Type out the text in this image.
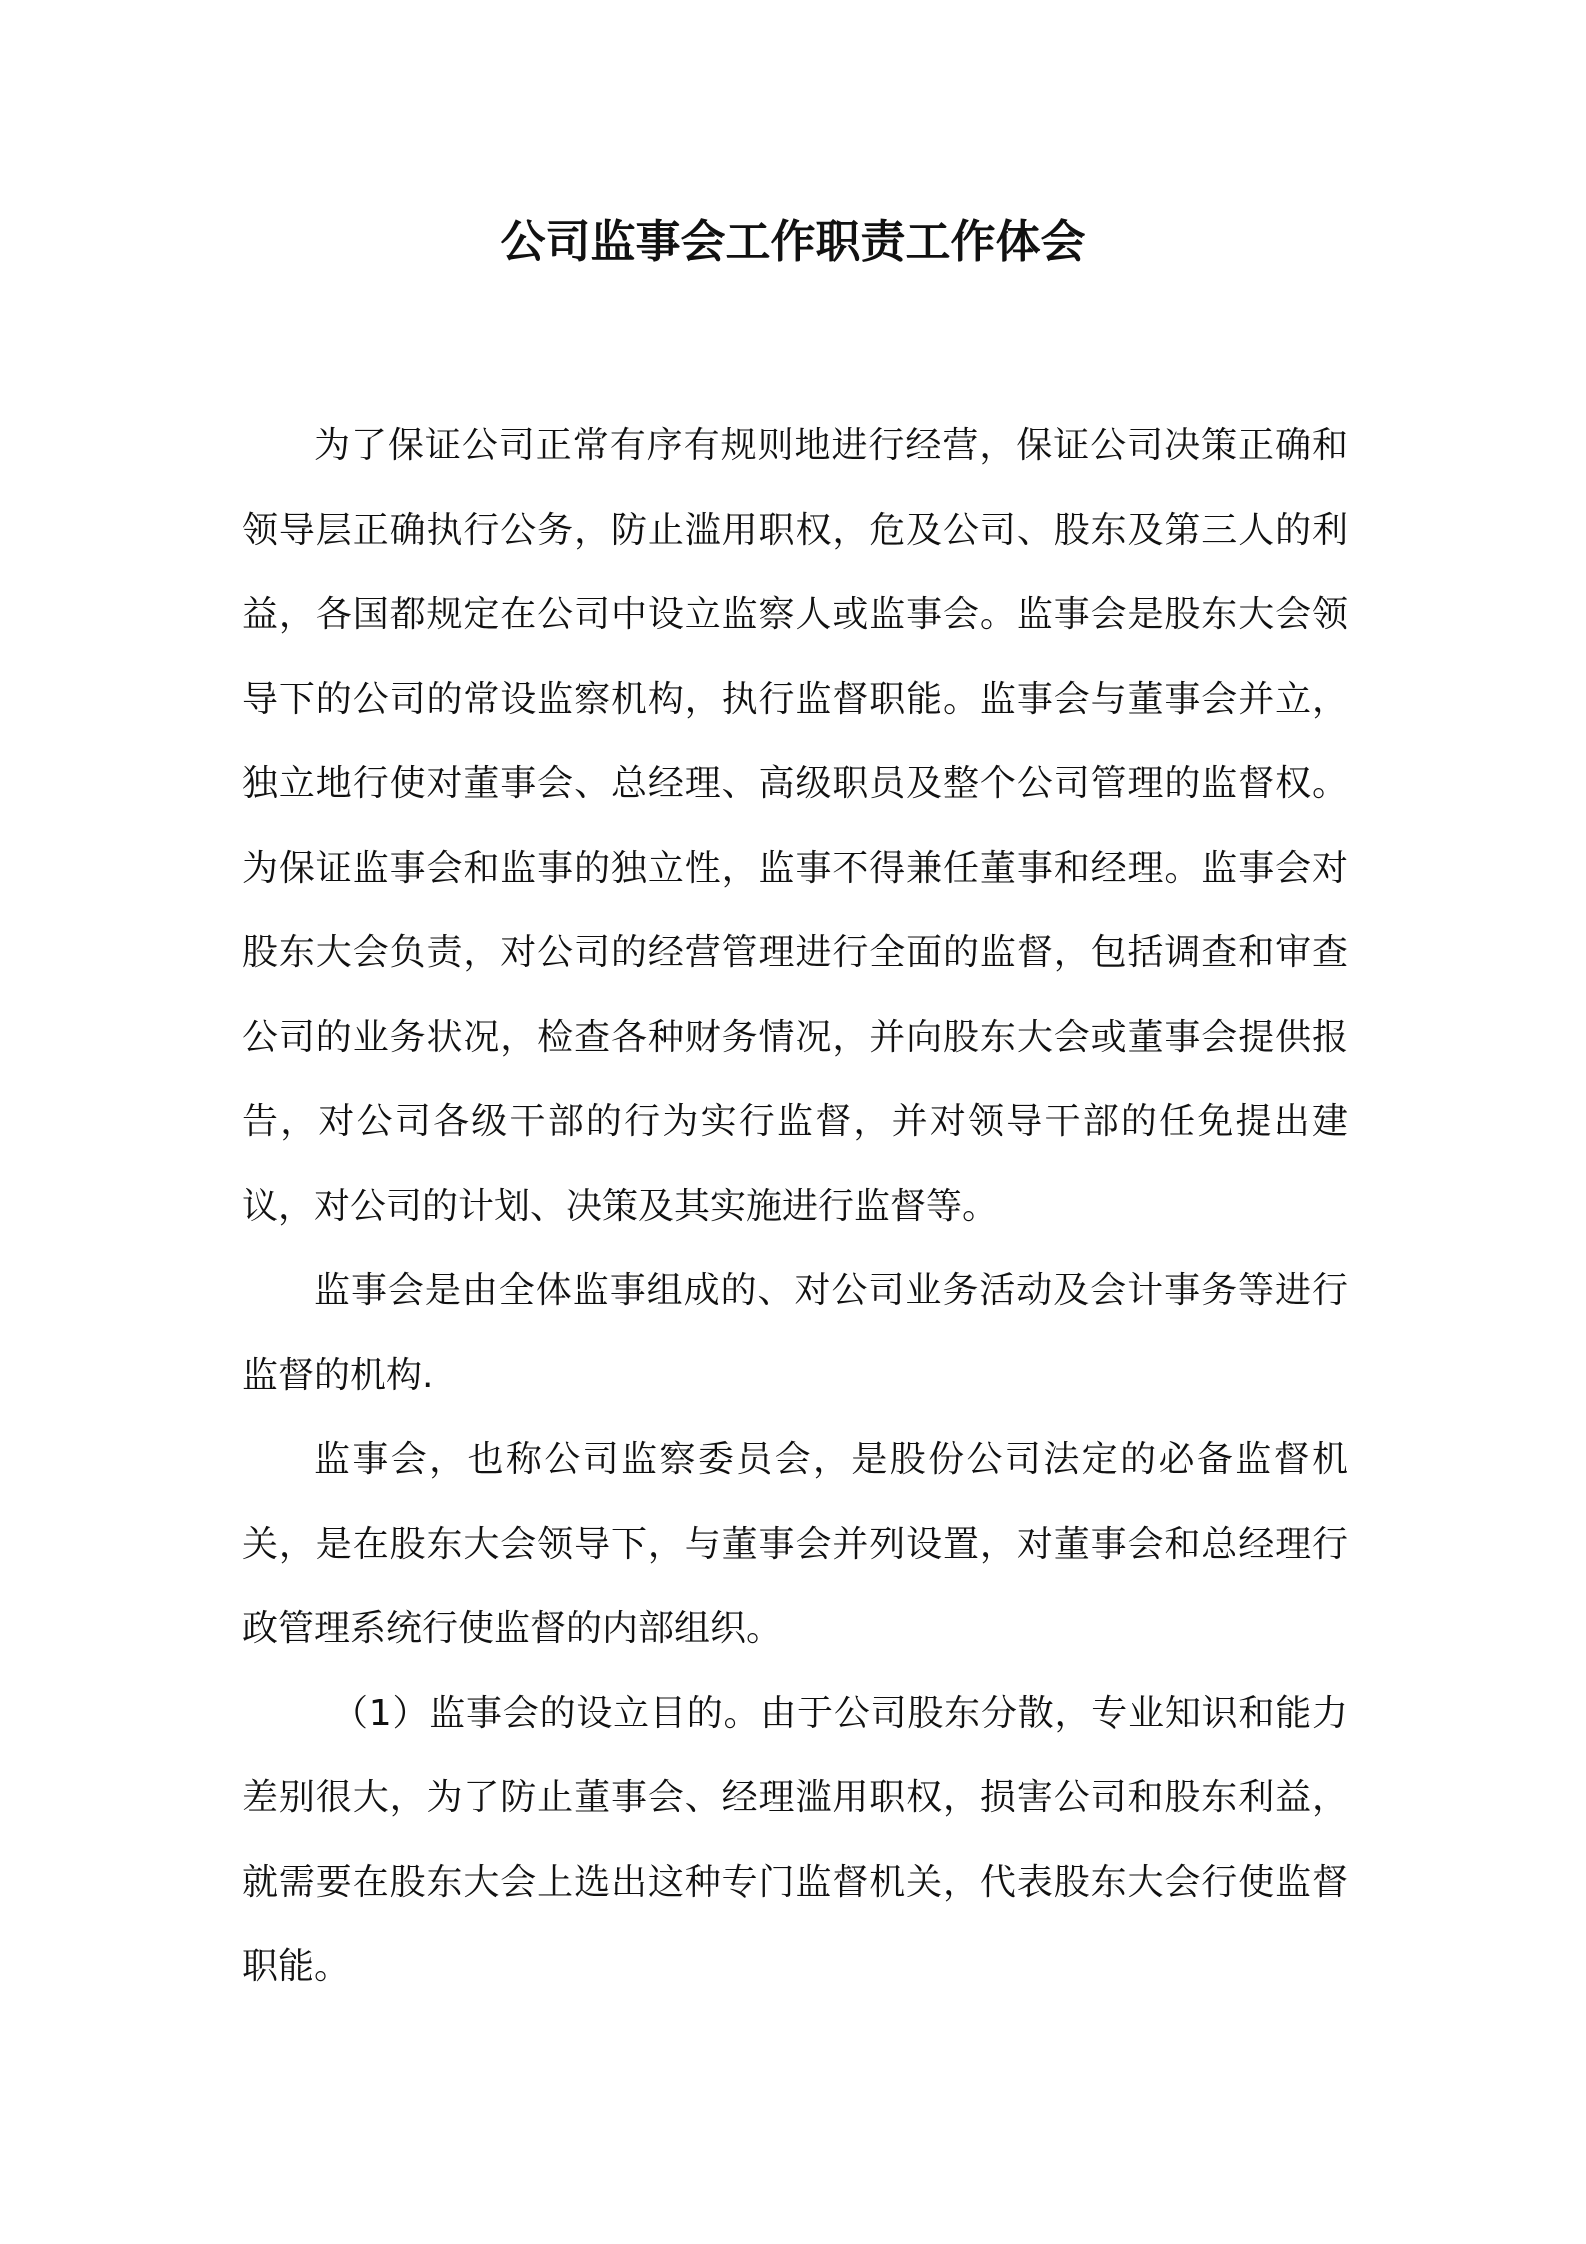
公司监事会工作职责工作体会

为了保证公司正常有序有规则地进行经营，保证公司决策正确和领导层正确执行公务，防止滥用职权，危及公司、股东及第三人的利益，各国都规定在公司中设立监察人或监事会。监事会是股东大会领导下的公司的常设监察机构，执行监督职能。监事会与董事会并立，独立地行使对董事会、总经理、高级职员及整个公司管理的监督权。为保证监事会和监事的独立性，监事不得兼任董事和经理。监事会对股东大会负责，对公司的经营管理进行全面的监督，包括调查和审查公司的业务状况，检查各种财务情况，并向股东大会或董事会提供报告，对公司各级干部的行为实行监督，并对领导干部的任免提出建议，对公司的计划、决策及其实施进行监督等。

监事会是由全体监事组成的、对公司业务活动及会计事务等进行监督的机构.

监事会，也称公司监察委员会，是股份公司法定的必备监督机关，是在股东大会领导下，与董事会并列设置，对董事会和总经理行政管理系统行使监督的内部组织。

（1）监事会的设立目的。由于公司股东分散，专业知识和能力差别很大，为了防止董事会、经理滥用职权，损害公司和股东利益，就需要在股东大会上选出这种专门监督机关，代表股东大会行使监督职能。
